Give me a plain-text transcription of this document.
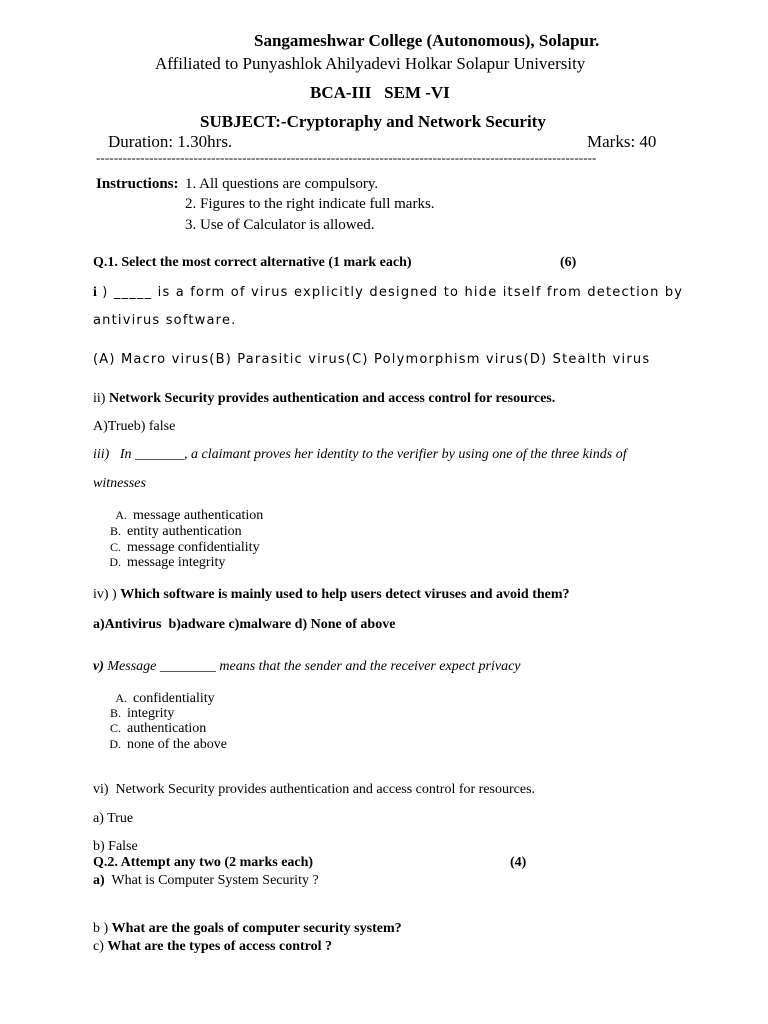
Sangameshwar College (Autonomous), Solapur.
Affiliated to Punyashlok Ahilyadevi Holkar Solapur University
BCA-III   SEM -VI
SUBJECT:-Cryptoraphy and Network Security
Duration: 1.30hrs.	Marks: 40
-----------------------------------------------------------------------------------------------------------------
Instructions: 1. All questions are compulsory.
2. Figures to the right indicate full marks.
3. Use of Calculator is allowed.
Q.1. Select the most correct alternative (1 mark each)	(6)
i ) _____ is a form of virus explicitly designed to hide itself from detection by
antivirus software.
(A) Macro virus(B) Parasitic virus(C) Polymorphism virus(D) Stealth virus
ii) Network Security provides authentication and access control for resources.
A)Trueb) false
iii)   In _______, a claimant proves her identity to the verifier by using one of the three kinds of
witnesses
A. message authentication
B. entity authentication
C. message confidentiality
D. message integrity
iv) ) Which software is mainly used to help users detect viruses and avoid them?
a)Antivirus  b)adware c)malware d) None of above
v) Message ________ means that the sender and the receiver expect privacy
A. confidentiality
B. integrity
C. authentication
D. none of the above
vi)  Network Security provides authentication and access control for resources.
a) True
b) False
Q.2. Attempt any two (2 marks each)	(4)
a) What is Computer System Security ?
b ) What are the goals of computer security system?
c) What are the types of access control ?
